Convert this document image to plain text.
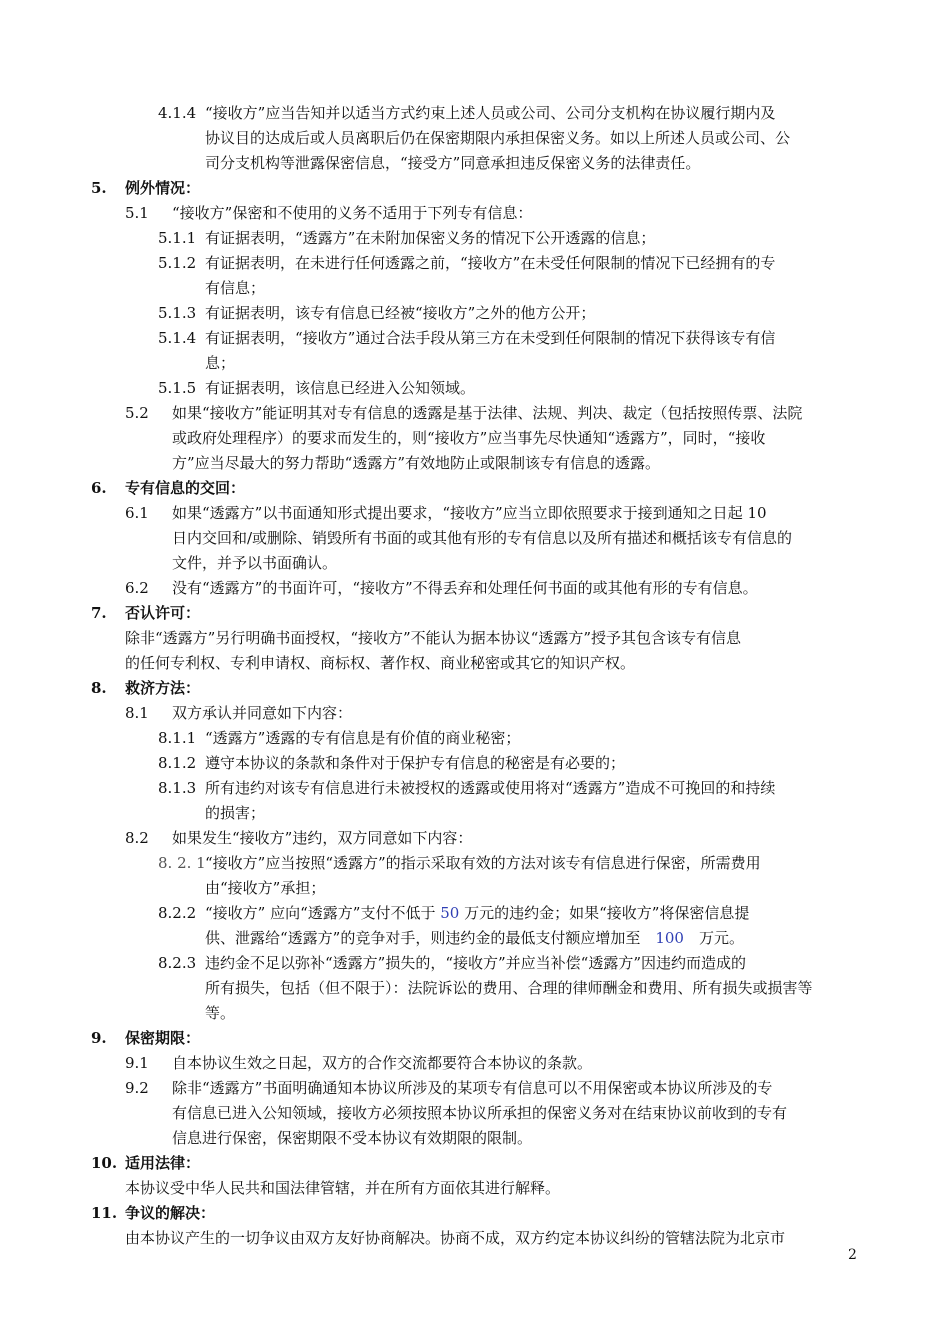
4.1.4 “接收方”应当告知并以适当方式约束上述人员或公司、公司分支机构在协议履行期内及
协议目的达成后或人员离职后仍在保密期限内承担保密义务。如以上所述人员或公司、公
司分支机构等泄露保密信息，“接受方”同意承担违反保密义务的法律责任。
5. 例外情况：
5.1 “接收方”保密和不使用的义务不适用于下列专有信息：
5.1.1 有证据表明，“透露方”在未附加保密义务的情况下公开透露的信息；
5.1.2 有证据表明，在未进行任何透露之前，“接收方”在未受任何限制的情况下已经拥有的专
有信息；
5.1.3 有证据表明，该专有信息已经被“接收方”之外的他方公开；
5.1.4 有证据表明，“接收方”通过合法手段从第三方在未受到任何限制的情况下获得该专有信
息；
5.1.5 有证据表明，该信息已经进入公知领域。
5.2 如果“接收方”能证明其对专有信息的透露是基于法律、法规、判决、裁定（包括按照传票、法院
或政府处理程序）的要求而发生的，则“接收方”应当事先尽快通知“透露方”，同时，“接收
方”应当尽最大的努力帮助“透露方”有效地防止或限制该专有信息的透露。
6. 专有信息的交回：
6.1 如果“透露方”以书面通知形式提出要求，“接收方”应当立即依照要求于接到通知之日起 10
日内交回和/或删除、销毁所有书面的或其他有形的专有信息以及所有描述和概括该专有信息的
文件，并予以书面确认。
6.2 没有“透露方”的书面许可，“接收方”不得丢弃和处理任何书面的或其他有形的专有信息。
7. 否认许可：
除非“透露方”另行明确书面授权，“接收方”不能认为据本协议“透露方”授予其包含该专有信息
的任何专利权、专利申请权、商标权、著作权、商业秘密或其它的知识产权。
8. 救济方法：
8.1 双方承认并同意如下内容：
8.1.1 “透露方”透露的专有信息是有价值的商业秘密；
8.1.2 遵守本协议的条款和条件对于保护专有信息的秘密是有必要的；
8.1.3 所有违约对该专有信息进行未被授权的透露或使用将对“透露方”造成不可挽回的和持续
的损害；
8.2 如果发生“接收方”违约，双方同意如下内容：
8. 2. 1 “接收方”应当按照“透露方”的指示采取有效的方法对该专有信息进行保密，所需费用
由“接收方”承担；
8.2.2 “接收方” 应向“透露方”支付不低于 50 万元的违约金；如果“接收方”将保密信息提
供、泄露给“透露方”的竞争对手，则违约金的最低支付额应增加至　100　万元。
8.2.3 违约金不足以弥补“透露方”损失的，“接收方”并应当补偿“透露方”因违约而造成的
所有损失，包括（但不限于）：法院诉讼的费用、合理的律师酬金和费用、所有损失或损害等
等。
9. 保密期限：
9.1 自本协议生效之日起，双方的合作交流都要符合本协议的条款。
9.2 除非“透露方”书面明确通知本协议所涉及的某项专有信息可以不用保密或本协议所涉及的专
有信息已进入公知领域，接收方必须按照本协议所承担的保密义务对在结束协议前收到的专有
信息进行保密，保密期限不受本协议有效期限的限制。
10. 适用法律：
本协议受中华人民共和国法律管辖，并在所有方面依其进行解释。
11. 争议的解决：
由本协议产生的一切争议由双方友好协商解决。协商不成，双方约定本协议纠纷的管辖法院为北京市
2
